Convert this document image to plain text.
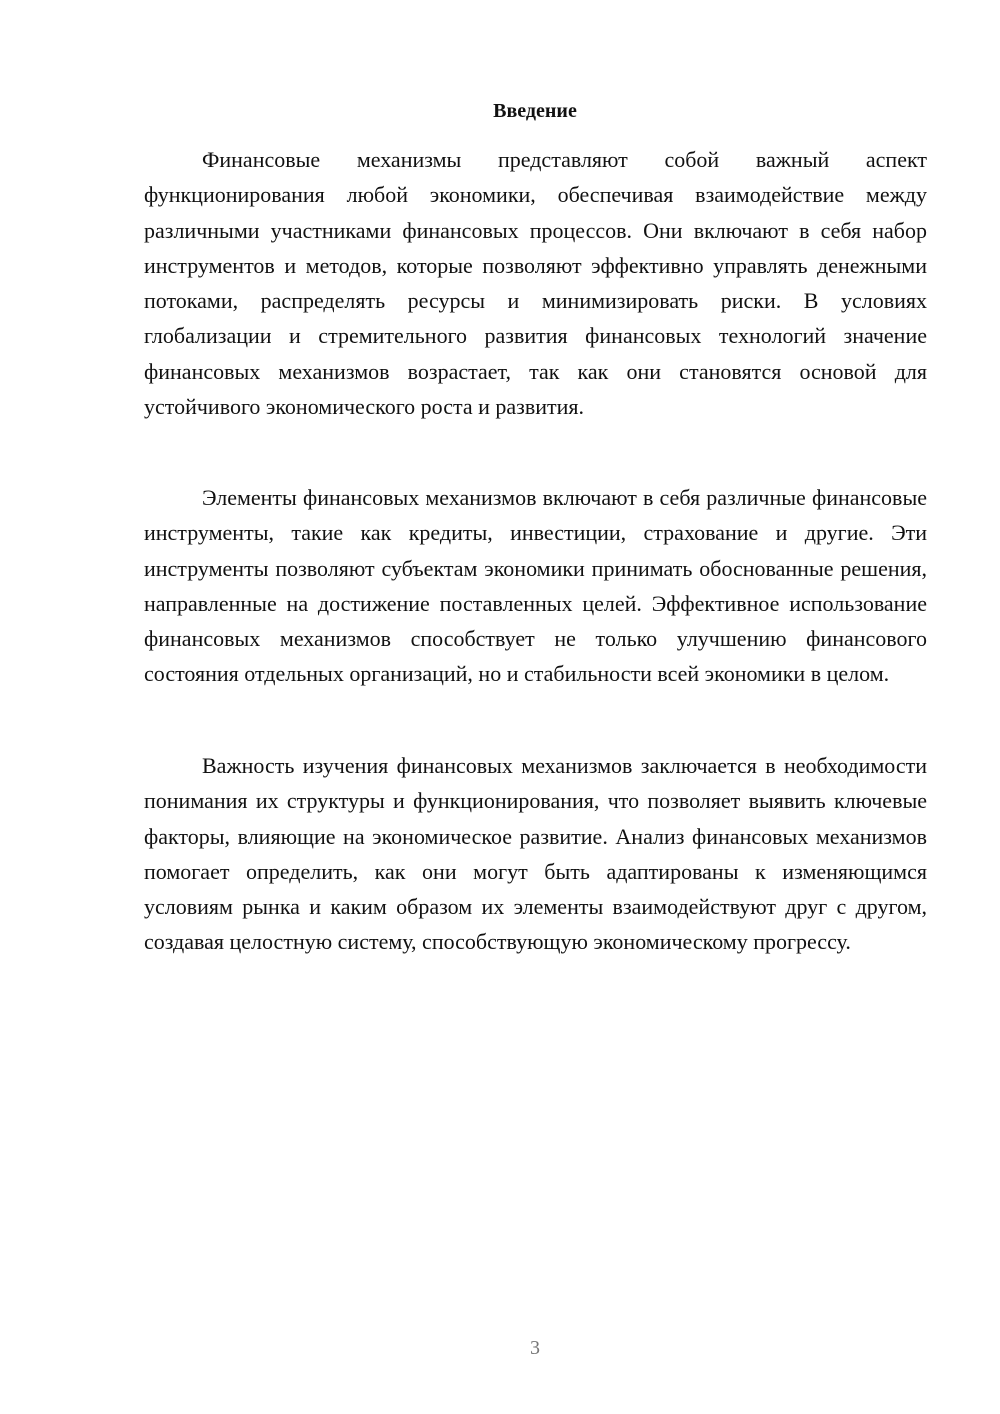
Введение

Финансовые механизмы представляют собой важный аспект функционирования любой экономики, обеспечивая взаимодействие между различными участниками финансовых процессов. Они включают в себя набор инструментов и методов, которые позволяют эффективно управлять денежными потоками, распределять ресурсы и минимизировать риски. В условиях глобализации и стремительного развития финансовых технологий значение финансовых механизмов возрастает, так как они становятся основой для устойчивого экономического роста и развития.

Элементы финансовых механизмов включают в себя различные финансовые инструменты, такие как кредиты, инвестиции, страхование и другие. Эти инструменты позволяют субъектам экономики принимать обоснованные решения, направленные на достижение поставленных целей. Эффективное использование финансовых механизмов способствует не только улучшению финансового состояния отдельных организаций, но и стабильности всей экономики в целом.

Важность изучения финансовых механизмов заключается в необходимости понимания их структуры и функционирования, что позволяет выявить ключевые факторы, влияющие на экономическое развитие. Анализ финансовых механизмов помогает определить, как они могут быть адаптированы к изменяющимся условиям рынка и каким образом их элементы взаимодействуют друг с другом, создавая целостную систему, способствующую экономическому прогрессу.

3
